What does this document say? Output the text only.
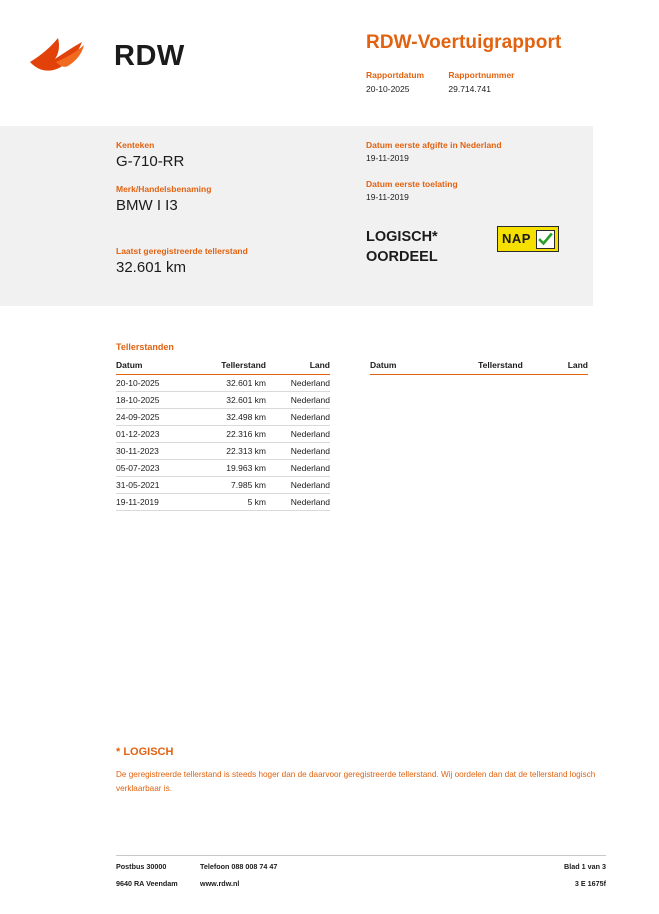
RDW	RDW-Voertuigrapport
Rapportdatum
20-10-2025

Rapportnummer
29.714.741
Kenteken
G-710-RR
Merk/Handelsbenaming
BMW I I3
Laatst geregistreerde tellerstand
32.601 km
Datum eerste afgifte in Nederland
19-11-2019
Datum eerste toelating
19-11-2019
LOGISCH*
OORDEEL
NAP
Tellerstanden
Datum	Tellerstand	Land
20-10-2025	32.601 km	Nederland
18-10-2025	32.601 km	Nederland
24-09-2025	32.498 km	Nederland
01-12-2023	22.316 km	Nederland
30-11-2023	22.313 km	Nederland
05-07-2023	19.963 km	Nederland
31-05-2021	7.985 km	Nederland
19-11-2019	5 km	Nederland
Datum	Tellerstand	Land
* LOGISCH
De geregistreerde tellerstand is steeds hoger dan de daarvoor geregistreerde tellerstand. Wij oordelen dan dat de tellerstand logisch verklaarbaar is.
Postbus 30000	Telefoon 088 008 74 47	Blad 1 van 3
9640 RA Veendam	www.rdw.nl	3 E 1675f
